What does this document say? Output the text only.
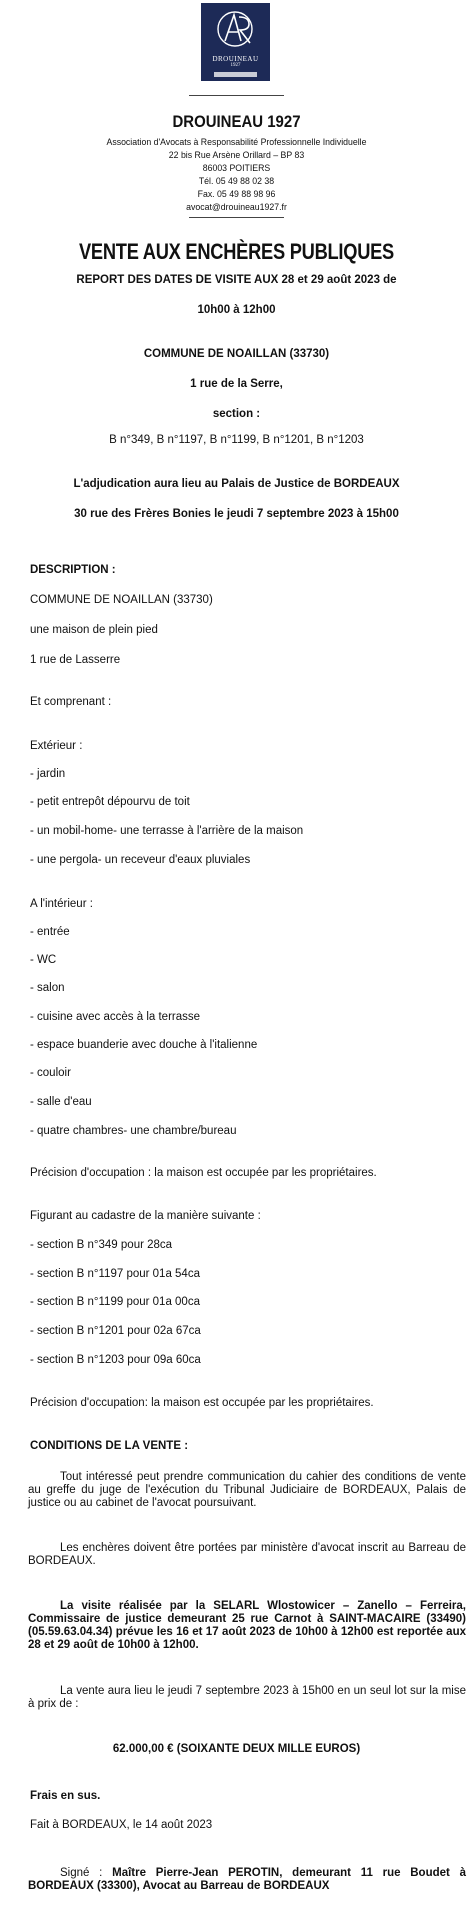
DROUINEAU
1927
DROUINEAU 1927
Association d'Avocats à Responsabilité Professionnelle Individuelle
22 bis Rue Arsène Orillard – BP 83
86003 POITIERS
Tél. 05 49 88 02 38
Fax. 05 49 88 98 96
avocat@drouineau1927.fr
VENTE AUX ENCHÈRES PUBLIQUES
REPORT DES DATES DE VISITE AUX 28 et 29 août 2023 de
10h00 à 12h00
COMMUNE DE NOAILLAN (33730)
1 rue de la Serre,
section :
B n°349, B n°1197, B n°1199, B n°1201, B n°1203
L'adjudication aura lieu au Palais de Justice de BORDEAUX
30 rue des Frères Bonies le jeudi 7 septembre 2023 à 15h00
DESCRIPTION :
COMMUNE DE NOAILLAN (33730)
une maison de plein pied
1 rue de Lasserre
Et comprenant :
Extérieur :
- jardin
- petit entrepôt dépourvu de toit
- un mobil-home- une terrasse à l'arrière de la maison
- une pergola- un receveur d'eaux pluviales
A l'intérieur :
- entrée
- WC
- salon
- cuisine avec accès à la terrasse
- espace buanderie avec douche à l'italienne
- couloir
- salle d'eau
- quatre chambres- une chambre/bureau
Précision d'occupation : la maison est occupée par les propriétaires.
Figurant au cadastre de la manière suivante :
- section B n°349 pour 28ca
- section B n°1197 pour 01a 54ca
- section B n°1199 pour 01a 00ca
- section B n°1201 pour 02a 67ca
- section B n°1203 pour 09a 60ca
Précision d'occupation: la maison est occupée par les propriétaires.
CONDITIONS DE LA VENTE :
Tout intéressé peut prendre communication du cahier des conditions de vente au greffe du juge de l'exécution du Tribunal Judiciaire de BORDEAUX, Palais de justice ou au cabinet de l'avocat poursuivant.
Les enchères doivent être portées par ministère d'avocat inscrit au Barreau de BORDEAUX.
La visite réalisée par la SELARL Wlostowicer – Zanello – Ferreira, Commissaire de justice demeurant 25 rue Carnot à SAINT-MACAIRE (33490) (05.59.63.04.34) prévue les 16 et 17 août 2023 de 10h00 à 12h00 est reportée aux 28 et 29 août de 10h00 à 12h00.
La vente aura lieu le jeudi 7 septembre 2023 à 15h00 en un seul lot sur la mise à prix de :
62.000,00 € (SOIXANTE DEUX MILLE EUROS)
Frais en sus.
Fait à BORDEAUX, le 14 août 2023
Signé : Maître Pierre-Jean PEROTIN, demeurant 11 rue Boudet à BORDEAUX (33300), Avocat au Barreau de BORDEAUX
